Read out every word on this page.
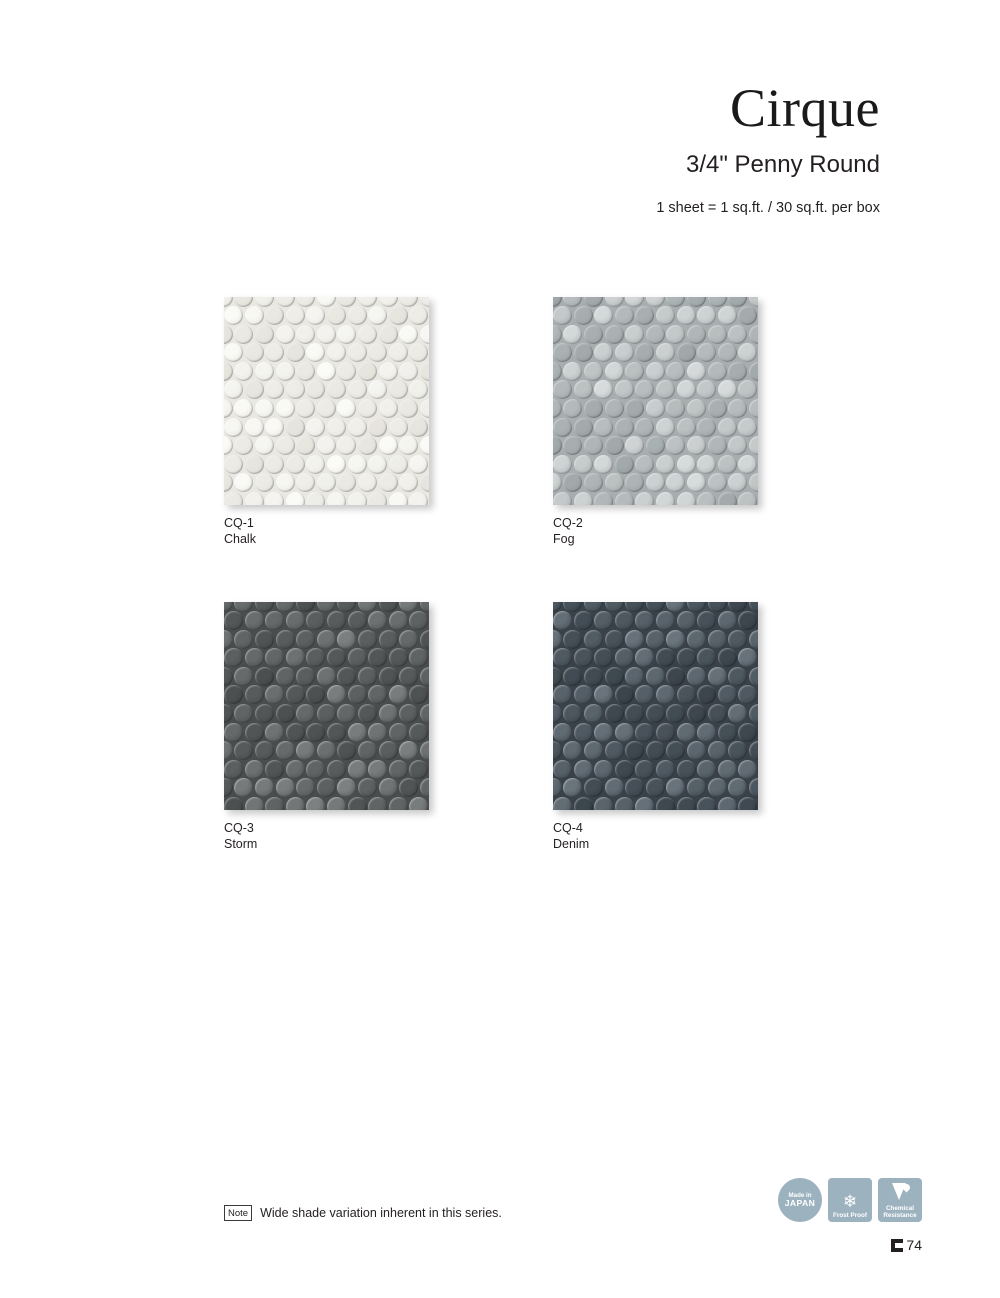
Cirque
3/4" Penny Round
1 sheet = 1 sq.ft. / 30 sq.ft. per box
CQ-1
Chalk
CQ-2
Fog
CQ-3
Storm
CQ-4
Denim
Note Wide shade variation inherent in this series.
Made in
JAPAN ❄
Frost Proof
Chemical Resistance
74
